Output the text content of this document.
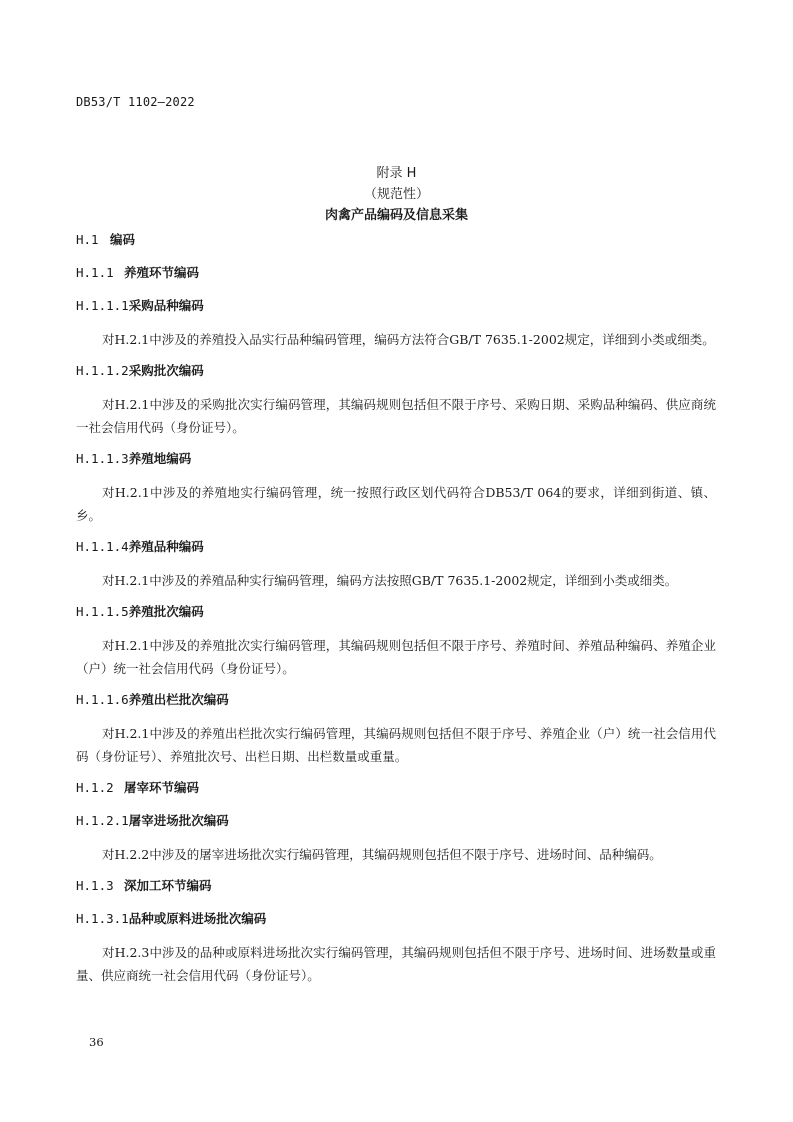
DB53/T 1102—2022
附录 H
（规范性）
肉禽产品编码及信息采集
H.1 编码
H.1.1 养殖环节编码
H.1.1.1采购品种编码
对H.2.1中涉及的养殖投入品实行品种编码管理，编码方法符合GB/T 7635.1-2002规定，详细到小类或细类。
H.1.1.2采购批次编码
对H.2.1中涉及的采购批次实行编码管理，其编码规则包括但不限于序号、采购日期、采购品种编码、供应商统一社会信用代码（身份证号）。
H.1.1.3养殖地编码
对H.2.1中涉及的养殖地实行编码管理，统一按照行政区划代码符合DB53/T 064的要求，详细到街道、镇、乡。
H.1.1.4养殖品种编码
对H.2.1中涉及的养殖品种实行编码管理，编码方法按照GB/T 7635.1-2002规定，详细到小类或细类。
H.1.1.5养殖批次编码
对H.2.1中涉及的养殖批次实行编码管理，其编码规则包括但不限于序号、养殖时间、养殖品种编码、养殖企业（户）统一社会信用代码（身份证号）。
H.1.1.6养殖出栏批次编码
对H.2.1中涉及的养殖出栏批次实行编码管理，其编码规则包括但不限于序号、养殖企业（户）统一社会信用代码（身份证号）、养殖批次号、出栏日期、出栏数量或重量。
H.1.2 屠宰环节编码
H.1.2.1屠宰进场批次编码
对H.2.2中涉及的屠宰进场批次实行编码管理，其编码规则包括但不限于序号、进场时间、品种编码。
H.1.3 深加工环节编码
H.1.3.1品种或原料进场批次编码
对H.2.3中涉及的品种或原料进场批次实行编码管理，其编码规则包括但不限于序号、进场时间、进场数量或重量、供应商统一社会信用代码（身份证号）。
36
